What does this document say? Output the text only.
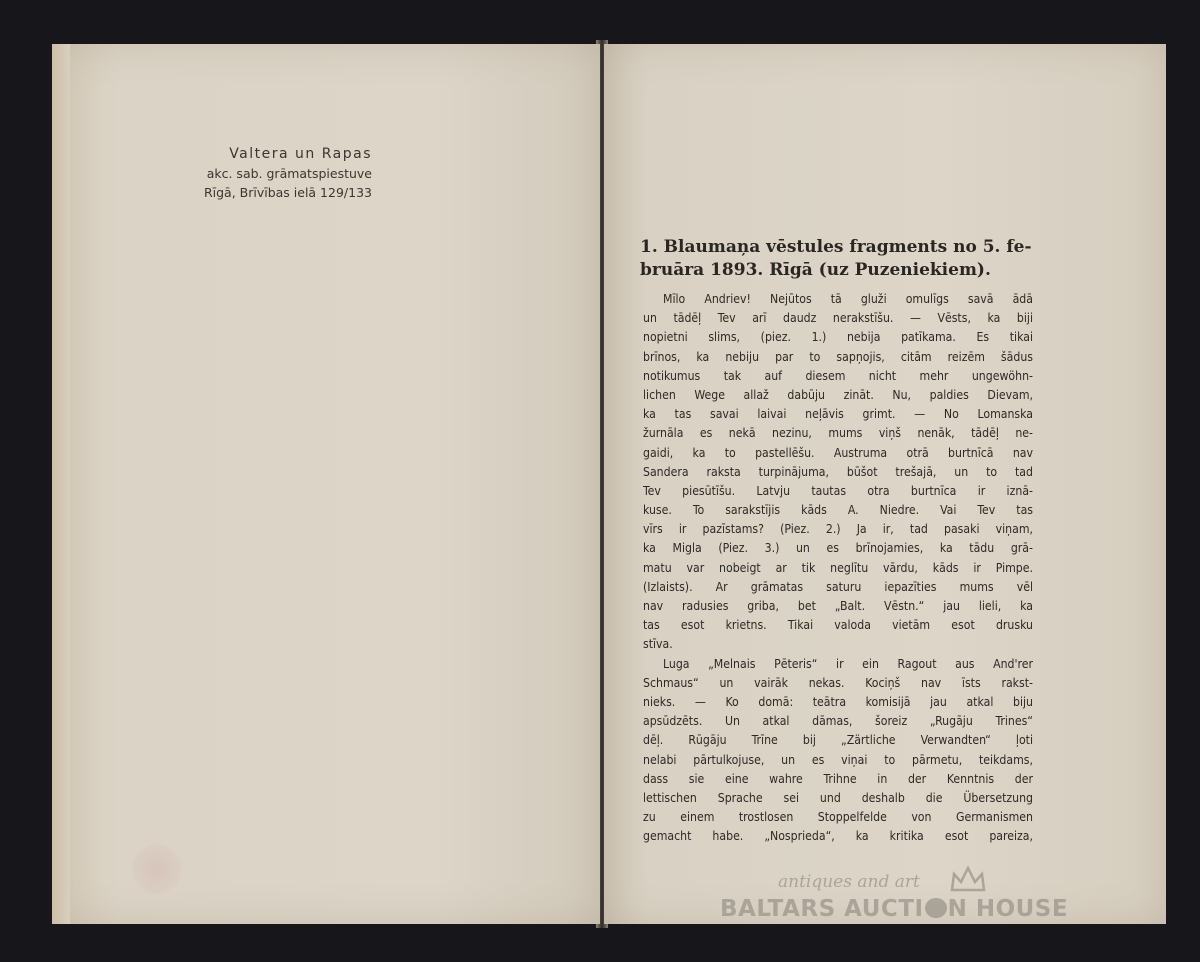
Valtera un Rapas
akc. sab. grāmatspiestuve
Rīgā, Brīvības ielā 129/133
1. Blaumaņa vēstules fragments no 5. fe-
bruāra 1893. Rīgā (uz Puzeniekiem).
Mīlo Andriev! Nejūtos tā gluži omulīgs savā ādā
un tādēļ Tev arī daudz nerakstīšu. — Vēsts, ka biji
nopietni slims, (piez. 1.) nebija patīkama. Es tikai
brīnos, ka nebiju par to sapņojis, citām reizēm šādus
notikumus tak auf diesem nicht mehr ungewöhn-
lichen Wege allaž dabūju zināt. Nu, paldies Dievam,
ka tas savai laivai neļāvis grimt. — No Lomanska
žurnāla es nekā nezinu, mums viņš nenāk, tādēļ ne-
gaidi, ka to pastellēšu. Austruma otrā burtnīcā nav
Sandera raksta turpinājuma, būšot trešajā, un to tad
Tev piesūtīšu. Latvju tautas otra burtnīca ir iznā-
kuse. To sarakstījis kāds A. Niedre. Vai Tev tas
vīrs ir pazīstams? (Piez. 2.) Ja ir, tad pasaki viņam,
ka Migla (Piez. 3.) un es brīnojamies, ka tādu grā-
matu var nobeigt ar tik neglītu vārdu, kāds ir Pimpe.
(Izlaists). Ar grāmatas saturu iepazīties mums vēl
nav radusies griba, bet „Balt. Vēstn.“ jau lieli, ka
tas esot krietns. Tikai valoda vietām esot drusku
stīva.
Luga „Melnais Pēteris“ ir ein Ragout aus And'rer
Schmaus“ un vairāk nekas. Kociņš nav īsts rakst-
nieks. — Ko domā: teātra komisijā jau atkal biju
apsūdzēts. Un atkal dāmas, šoreiz „Rugāju Trines“
dēļ. Rūgāju Trīne bij „Zärtliche Verwandten“ ļoti
nelabi pārtulkojuse, un es viņai to pārmetu, teikdams,
dass sie eine wahre Trihne in der Kenntnis der
lettischen Sprache sei und deshalb die Übersetzung
zu einem trostlosen Stoppelfelde von Germanismen
gemacht habe. „Nosprieda“, ka kritika esot pareiza,
antiques and art
BALTARS AUCTI N HOUSE
